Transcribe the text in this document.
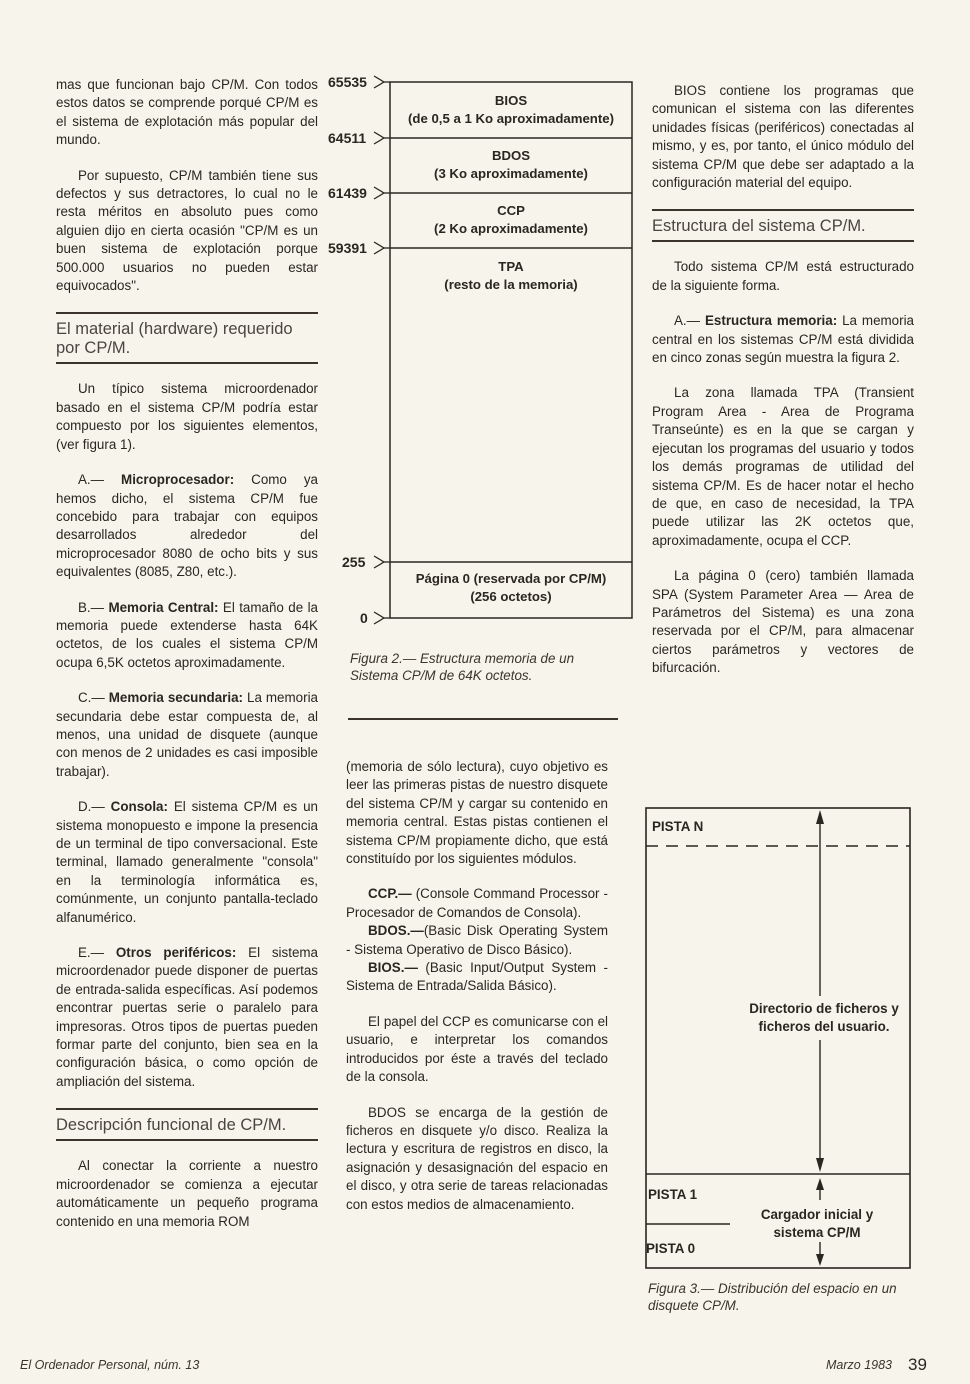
mas que funcionan bajo CP/M. Con todos estos datos se comprende porqué CP/M es el sistema de explotación más popular del mundo.

Por supuesto, CP/M también tiene sus defectos y sus detractores, lo cual no le resta méritos en absoluto pues como alguien dijo en cierta ocasión "CP/M es un buen sistema de explotación porque 500.000 usuarios no pueden estar equivocados".

El material (hardware) requerido por CP/M.

Un típico sistema microordenador basado en el sistema CP/M podría estar compuesto por los siguientes elementos, (ver figura 1).

A.— Microprocesador: Como ya hemos dicho, el sistema CP/M fue concebido para trabajar con equipos desarrollados alrededor del microprocesador 8080 de ocho bits y sus equivalentes (8085, Z80, etc.).

B.— Memoria Central: El tamaño de la memoria puede extenderse hasta 64K octetos, de los cuales el sistema CP/M ocupa 6,5K octetos aproximadamente.

C.— Memoria secundaria: La memoria secundaria debe estar compuesta de, al menos, una unidad de disquete (aunque con menos de 2 unidades es casi imposible trabajar).

D.— Consola: El sistema CP/M es un sistema monopuesto e impone la presencia de un terminal de tipo conversacional. Este terminal, llamado generalmente "consola" en la terminología informática es, comúnmente, un conjunto pantalla-teclado alfanumérico.

E.— Otros periféricos: El sistema microordenador puede disponer de puertas de entrada-salida específicas. Así podemos encontrar puertas serie o paralelo para impresoras. Otros tipos de puertas pueden formar parte del conjunto, bien sea en la configuración básica, o como opción de ampliación del sistema.

Descripción funcional de CP/M.

Al conectar la corriente a nuestro microordenador se comienza a ejecutar automáticamente un pequeño programa contenido en una memoria ROM

65535
64511
61439
59391
255
0
BIOS
(de 0,5 a 1 Ko aproximadamente)
BDOS
(3 Ko aproximadamente)
CCP
(2 Ko aproximadamente)
TPA
(resto de la memoria)
Página 0 (reservada por CP/M)
(256 octetos)
Figura 2.— Estructura memoria de un Sistema CP/M de 64K octetos.

(memoria de sólo lectura), cuyo objetivo es leer las primeras pistas de nuestro disquete del sistema CP/M y cargar su contenido en memoria central. Estas pistas contienen el sistema CP/M propiamente dicho, que está constituído por los siguientes módulos.

CCP.— (Console Command Processor - Procesador de Comandos de Consola).

BDOS.—(Basic Disk Operating System - Sistema Operativo de Disco Básico).

BIOS.— (Basic Input/Output System - Sistema de Entrada/Salida Básico).

El papel del CCP es comunicarse con el usuario, e interpretar los comandos introducidos por éste a través del teclado de la consola.

BDOS se encarga de la gestión de ficheros en disquete y/o disco. Realiza la lectura y escritura de registros en disco, la asignación y desasignación del espacio en el disco, y otra serie de tareas relacionadas con estos medios de almacenamiento.

BIOS contiene los programas que comunican el sistema con las diferentes unidades físicas (periféricos) conectadas al mismo, y es, por tanto, el único módulo del sistema CP/M que debe ser adaptado a la configuración material del equipo.

Estructura del sistema CP/M.

Todo sistema CP/M está estructurado de la siguiente forma.

A.— Estructura memoria: La memoria central en los sistemas CP/M está dividida en cinco zonas según muestra la figura 2.

La zona llamada TPA (Transient Program Area - Area de Programa Transeúnte) es en la que se cargan y ejecutan los programas del usuario y todos los demás programas de utilidad del sistema CP/M. Es de hacer notar el hecho de que, en caso de necesidad, la TPA puede utilizar las 2K octetos que, aproximadamente, ocupa el CCP.

La página 0 (cero) también llamada SPA (System Parameter Area — Area de Parámetros del Sistema) es una zona reservada por el CP/M, para almacenar ciertos parámetros y vectores de bifurcación.

PISTA N
Directorio de ficheros y ficheros del usuario.
PISTA 1
PISTA 0
Cargador inicial y sistema CP/M
Figura 3.— Distribución del espacio en un disquete CP/M.
El Ordenador Personal, núm. 13	Marzo 1983 39
